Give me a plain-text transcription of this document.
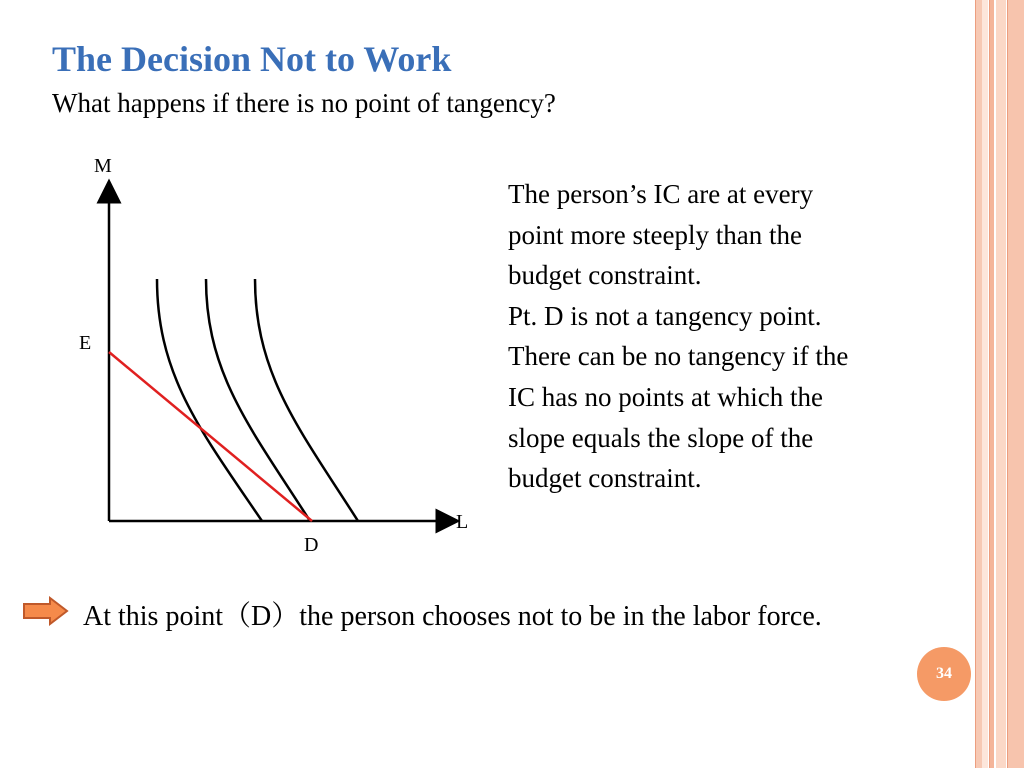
The Decision Not to Work
What happens if there is no point of tangency?
M
L
E
D
The person’s IC are at every
point more steeply than the
budget constraint.
Pt. D is not a tangency point.
There can be no tangency if the
IC has no points at which the
slope equals the slope of the
budget constraint.
At this point（D）the person chooses not to be in the labor force.
34
